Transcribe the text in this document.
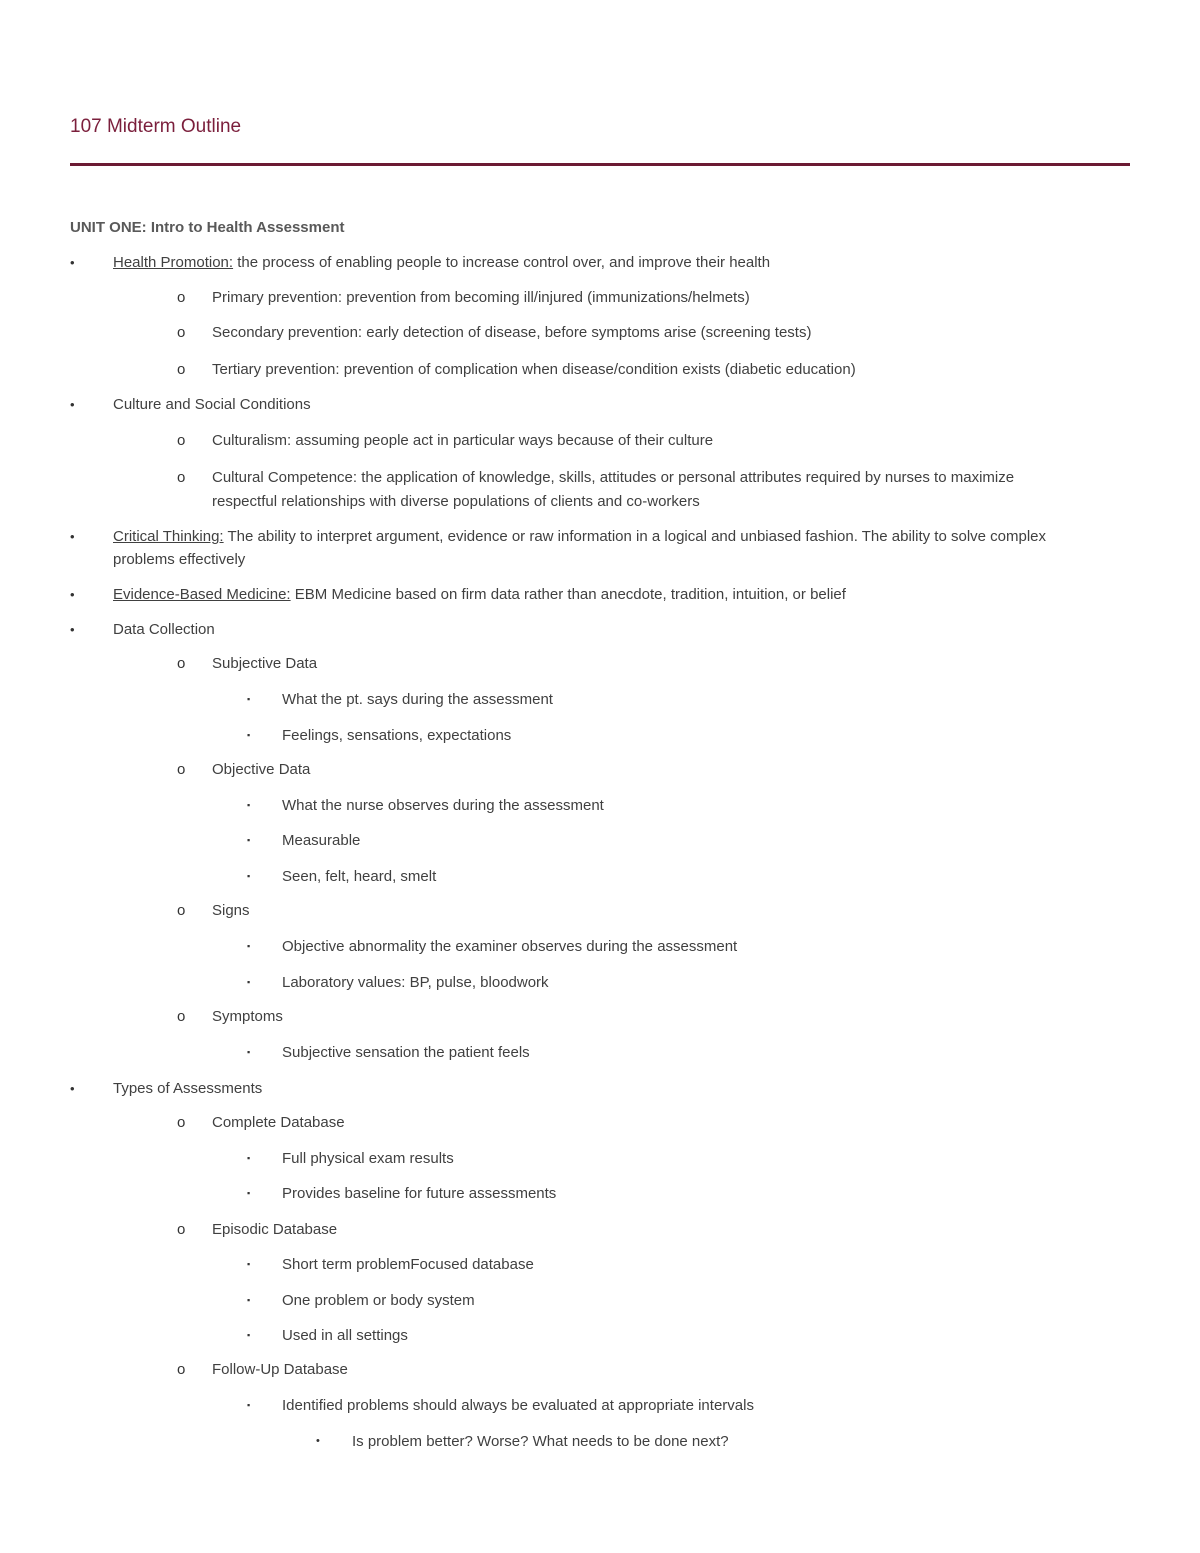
107 Midterm Outline
UNIT ONE: Intro to Health Assessment
•	Health Promotion: the process of enabling people to increase control over, and improve their health
o Primary prevention: prevention from becoming ill/injured (immunizations/helmets)
o Secondary prevention: early detection of disease, before symptoms arise (screening tests)
o Tertiary prevention: prevention of complication when disease/condition exists (diabetic education)
•	Culture and Social Conditions
o Culturalism: assuming people act in particular ways because of their culture
o Cultural Competence: the application of knowledge, skills, attitudes or personal attributes required by nurses to maximize
respectful relationships with diverse populations of clients and co-workers
•	Critical Thinking: The ability to interpret argument, evidence or raw information in a logical and unbiased fashion. The ability to solve complex
problems effectively
•	Evidence-Based Medicine: EBM Medicine based on firm data rather than anecdote, tradition, intuition, or belief
•	Data Collection
o Subjective Data
▪ What the pt. says during the assessment
▪ Feelings, sensations, expectations
o Objective Data
▪ What the nurse observes during the assessment
▪ Measurable
▪ Seen, felt, heard, smelt
o Signs
▪ Objective abnormality the examiner observes during the assessment
▪ Laboratory values: BP, pulse, bloodwork
o Symptoms
▪ Subjective sensation the patient feels
•	Types of Assessments
o Complete Database
▪ Full physical exam results
▪ Provides baseline for future assessments
o Episodic Database
▪ Short term problemFocused database
▪ One problem or body system
▪ Used in all settings
o Follow-Up Database
▪ Identified problems should always be evaluated at appropriate intervals
• Is problem better? Worse? What needs to be done next?
